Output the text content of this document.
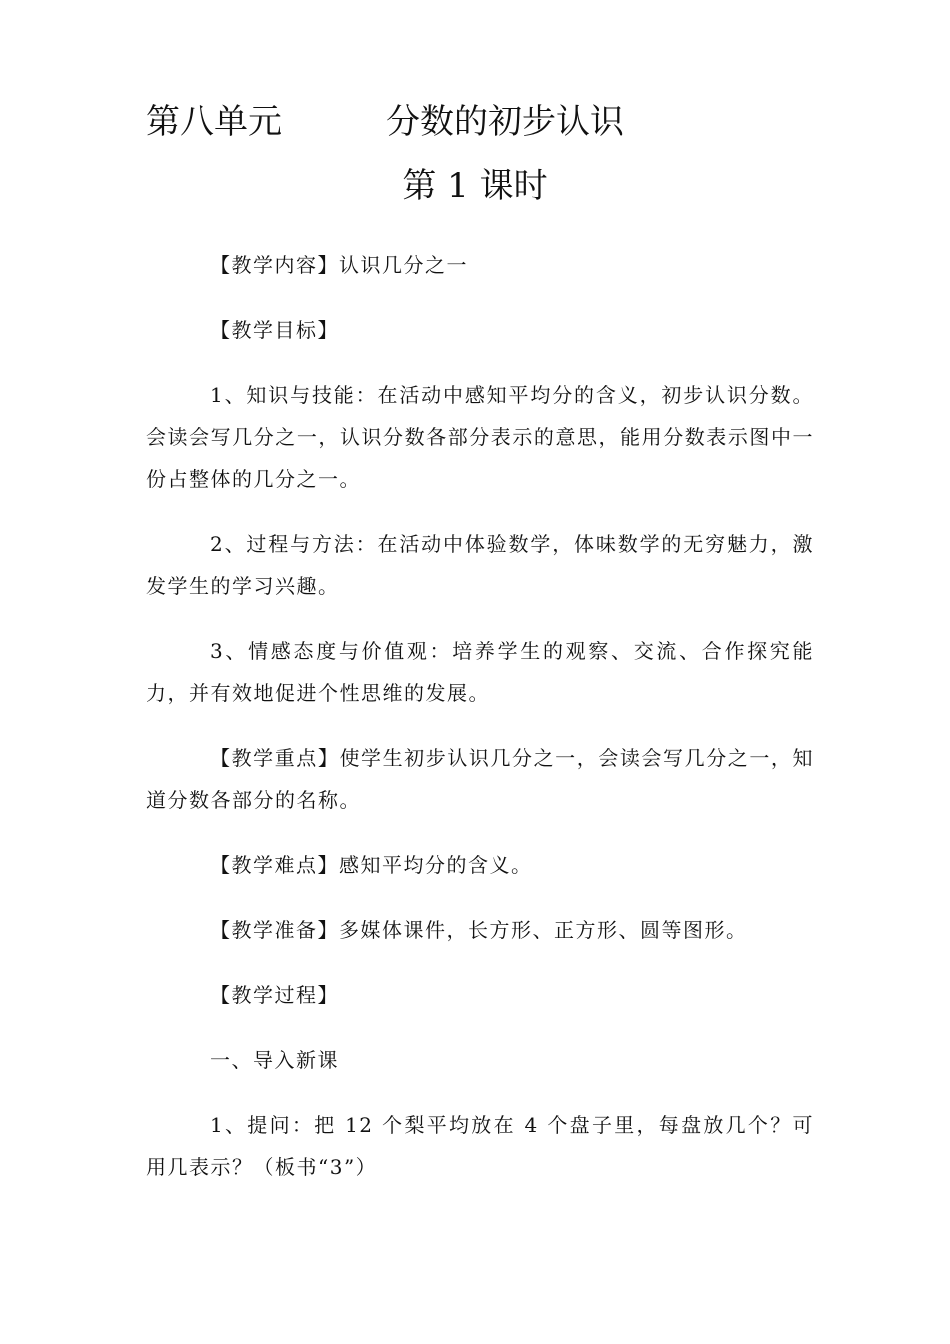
第八单元	分数的初步认识
第 1 课时

【教学内容】认识几分之一

【教学目标】

1、知识与技能：在活动中感知平均分的含义，初步认识分数。会读会写几分之一，认识分数各部分表示的意思，能用分数表示图中一份占整体的几分之一。

2、过程与方法：在活动中体验数学，体味数学的无穷魅力，激发学生的学习兴趣。

3、情感态度与价值观：培养学生的观察、交流、合作探究能力，并有效地促进个性思维的发展。

【教学重点】使学生初步认识几分之一，会读会写几分之一，知道分数各部分的名称。

【教学难点】感知平均分的含义。

【教学准备】多媒体课件，长方形、正方形、圆等图形。

【教学过程】

一、导入新课

1、提问：把 12 个梨平均放在 4 个盘子里，每盘放几个？可用几表示？（板书“3”）
